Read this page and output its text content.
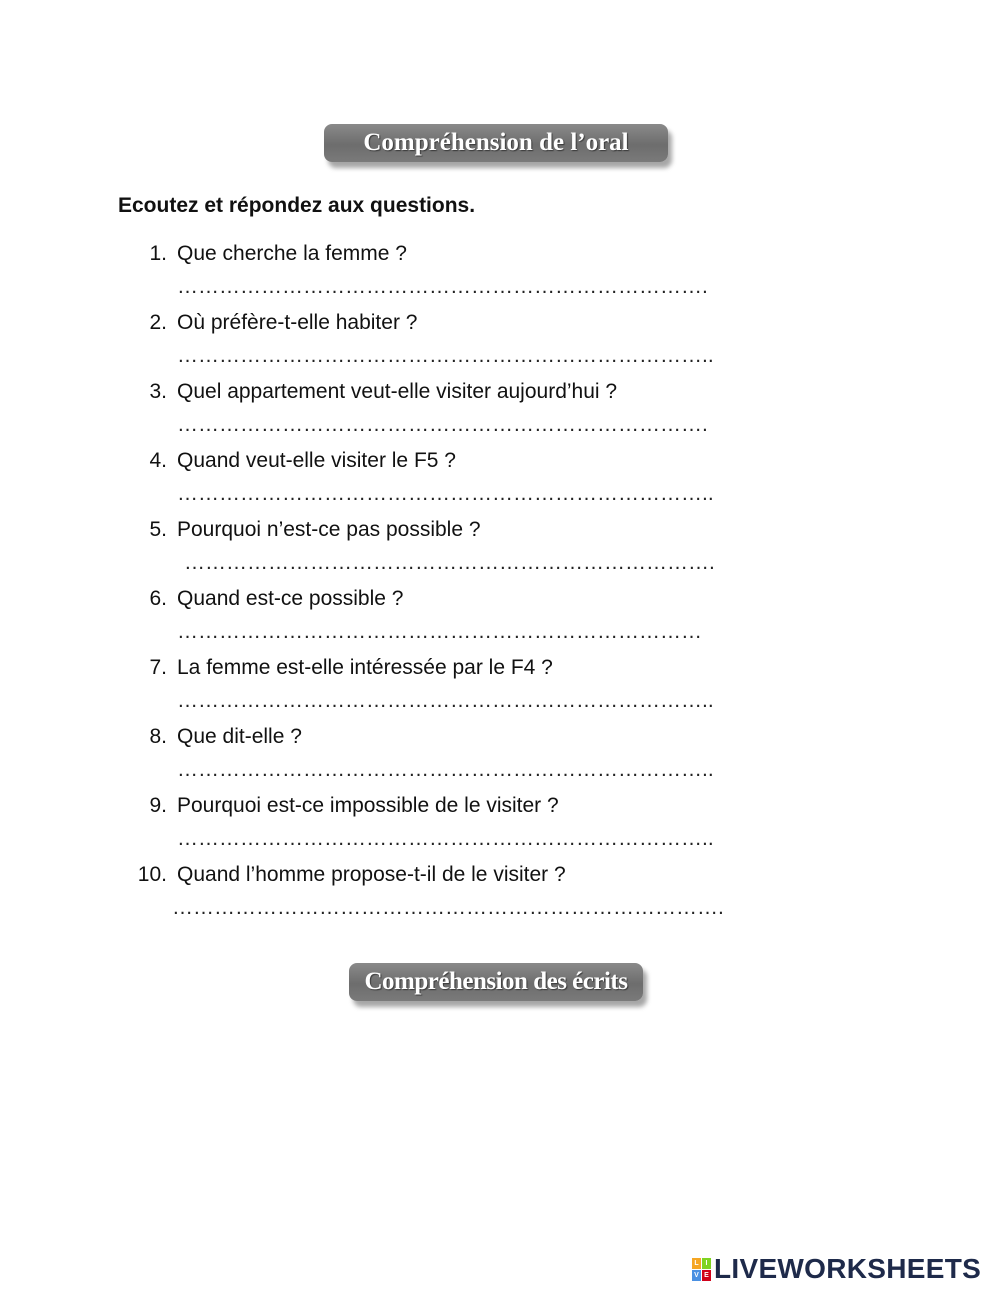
Compréhension de l’oral
Ecoutez et répondez aux questions.
1. Que cherche la femme ?
………………………………………………………………….
2. Où préfère-t-elle habiter ?
…………………………………………………………………..
3. Quel appartement veut-elle visiter aujourd’hui ?
………………………………………………………………….
4. Quand veut-elle visiter le F5 ?
…………………………………………………………………..
5. Pourquoi n’est-ce pas possible ?
………………………………………………………………….
6. Quand est-ce possible ?
…………………………………………………………………
7. La femme est-elle intéressée par le F4 ?
…………………………………………………………………..
8. Que dit-elle ?
…………………………………………………………………..
9. Pourquoi est-ce impossible de le visiter ?
…………………………………………………………………..
10. Quand l’homme propose-t-il de le visiter ?
…………………………………………………………………….
Compréhension des écrits
L I
V E LIVEWORKSHEETS
